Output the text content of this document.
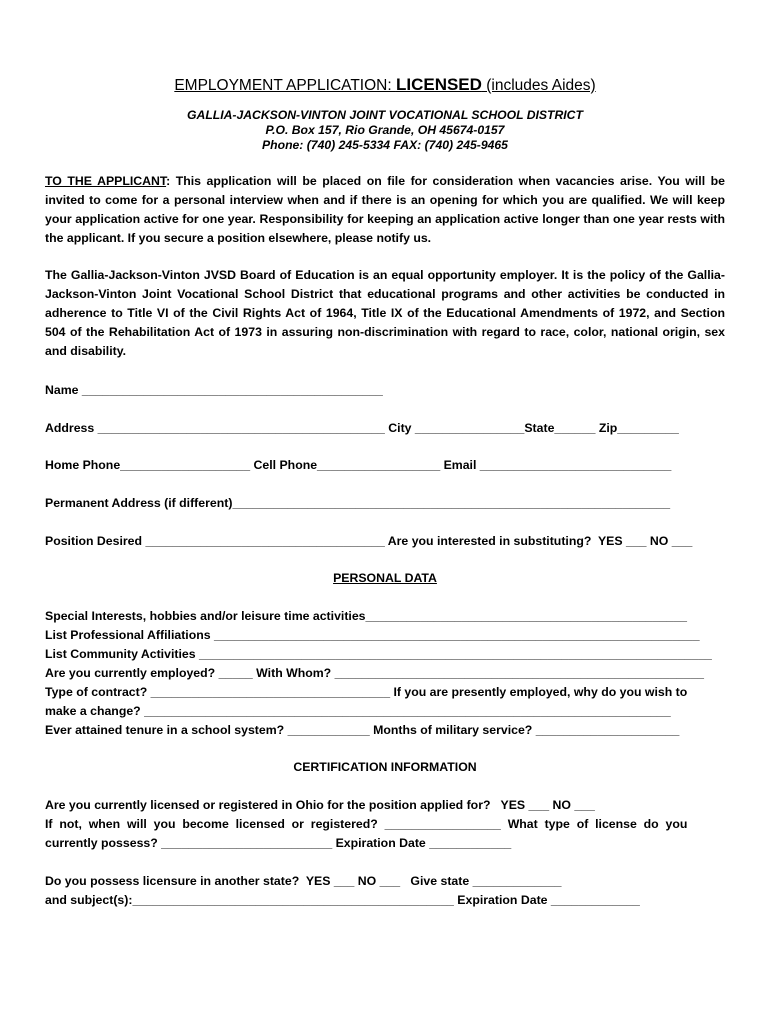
EMPLOYMENT APPLICATION: LICENSED (includes Aides)
GALLIA-JACKSON-VINTON JOINT VOCATIONAL SCHOOL DISTRICT
P.O. Box 157, Rio Grande, OH 45674-0157
Phone: (740) 245-5334 FAX: (740) 245-9465
TO THE APPLICANT: This application will be placed on file for consideration when vacancies arise. You will be invited to come for a personal interview when and if there is an opening for which you are qualified. We will keep your application active for one year. Responsibility for keeping an application active longer than one year rests with the applicant. If you secure a position elsewhere, please notify us.
The Gallia-Jackson-Vinton JVSD Board of Education is an equal opportunity employer. It is the policy of the Gallia-Jackson-Vinton Joint Vocational School District that educational programs and other activities be conducted in adherence to Title VI of the Civil Rights Act of 1964, Title IX of the Educational Amendments of 1972, and Section 504 of the Rehabilitation Act of 1973 in assuring non-discrimination with regard to race, color, national origin, sex and disability.
Name ____________________________________________
Address __________________________________________ City ________________State______ Zip_________
Home Phone___________________ Cell Phone__________________ Email ____________________________
Permanent Address (if different)________________________________________________________________
Position Desired ___________________________________ Are you interested in substituting?  YES ___ NO ___
PERSONAL DATA
Special Interests, hobbies and/or leisure time activities_______________________________________________
List Professional Affiliations _______________________________________________________________________
List Community Activities ___________________________________________________________________________
Are you currently employed? _____ With Whom? ______________________________________________________
Type of contract? ___________________________________ If you are presently employed, why do you wish to
make a change? _____________________________________________________________________________
Ever attained tenure in a school system? ____________ Months of military service? _____________________
CERTIFICATION INFORMATION
Are you currently licensed or registered in Ohio for the position applied for?   YES ___ NO ___
If  not,  when  will  you  become  licensed  or  registered?  _________________  What  type  of  license  do  you
currently possess? _________________________ Expiration Date ____________
Do you possess licensure in another state?  YES ___ NO ___   Give state _____________
and subject(s):_______________________________________________ Expiration Date _____________
